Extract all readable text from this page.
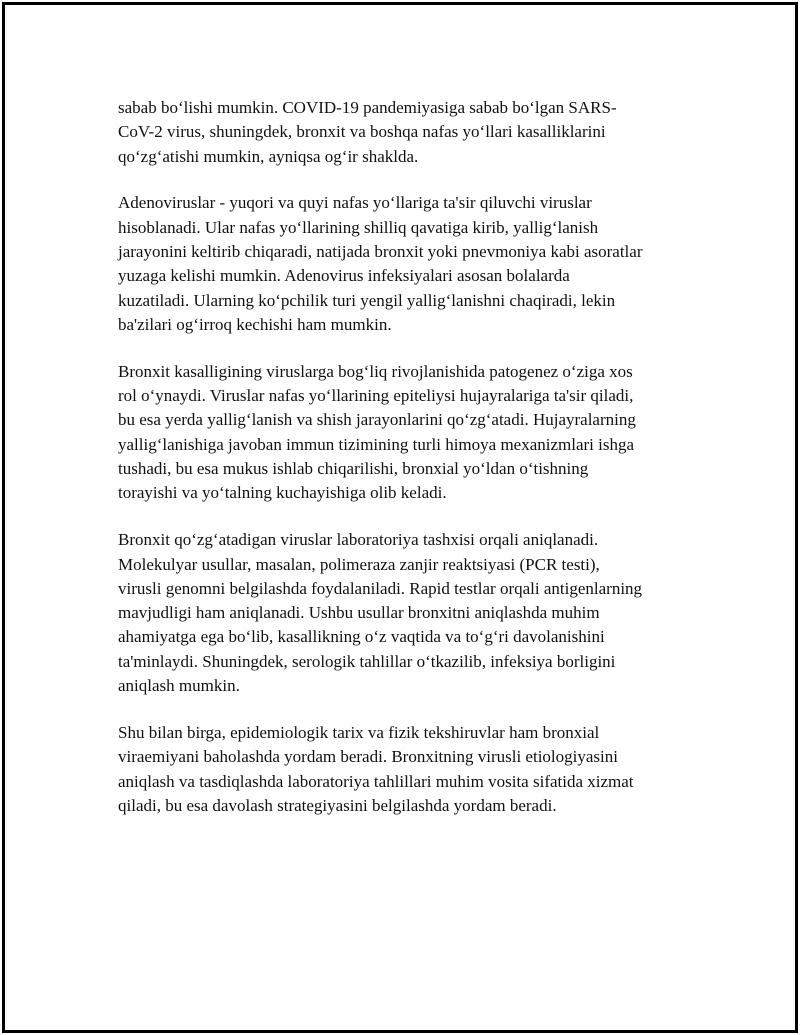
sabab bo‘lishi mumkin. COVID-19 pandemiyasiga sabab bo‘lgan SARS-
CoV-2 virus, shuningdek, bronxit va boshqa nafas yo‘llari kasalliklarini
qo‘zg‘atishi mumkin, ayniqsa og‘ir shaklda.

Adenoviruslar - yuqori va quyi nafas yo‘llariga ta'sir qiluvchi viruslar
hisoblanadi. Ular nafas yo‘llarining shilliq qavatiga kirib, yallig‘lanish
jarayonini keltirib chiqaradi, natijada bronxit yoki pnevmoniya kabi asoratlar
yuzaga kelishi mumkin. Adenovirus infeksiyalari asosan bolalarda
kuzatiladi. Ularning ko‘pchilik turi yengil yallig‘lanishni chaqiradi, lekin
ba'zilari og‘irroq kechishi ham mumkin.

Bronxit kasalligining viruslarga bog‘liq rivojlanishida patogenez o‘ziga xos
rol o‘ynaydi. Viruslar nafas yo‘llarining epiteliysi hujayralariga ta'sir qiladi,
bu esa yerda yallig‘lanish va shish jarayonlarini qo‘zg‘atadi. Hujayralarning
yallig‘lanishiga javoban immun tizimining turli himoya mexanizmlari ishga
tushadi, bu esa mukus ishlab chiqarilishi, bronxial yo‘ldan o‘tishning
torayishi va yo‘talning kuchayishiga olib keladi.

Bronxit qo‘zg‘atadigan viruslar laboratoriya tashxisi orqali aniqlanadi.
Molekulyar usullar, masalan, polimeraza zanjir reaktsiyasi (PCR testi),
virusli genomni belgilashda foydalaniladi. Rapid testlar orqali antigenlarning
mavjudligi ham aniqlanadi. Ushbu usullar bronxitni aniqlashda muhim
ahamiyatga ega bo‘lib, kasallikning o‘z vaqtida va to‘g‘ri davolanishini
ta'minlaydi. Shuningdek, serologik tahlillar o‘tkazilib, infeksiya borligini
aniqlash mumkin.

Shu bilan birga, epidemiologik tarix va fizik tekshiruvlar ham bronxial
viraemiyani baholashda yordam beradi. Bronxitning virusli etiologiyasini
aniqlash va tasdiqlashda laboratoriya tahlillari muhim vosita sifatida xizmat
qiladi, bu esa davolash strategiyasini belgilashda yordam beradi.
